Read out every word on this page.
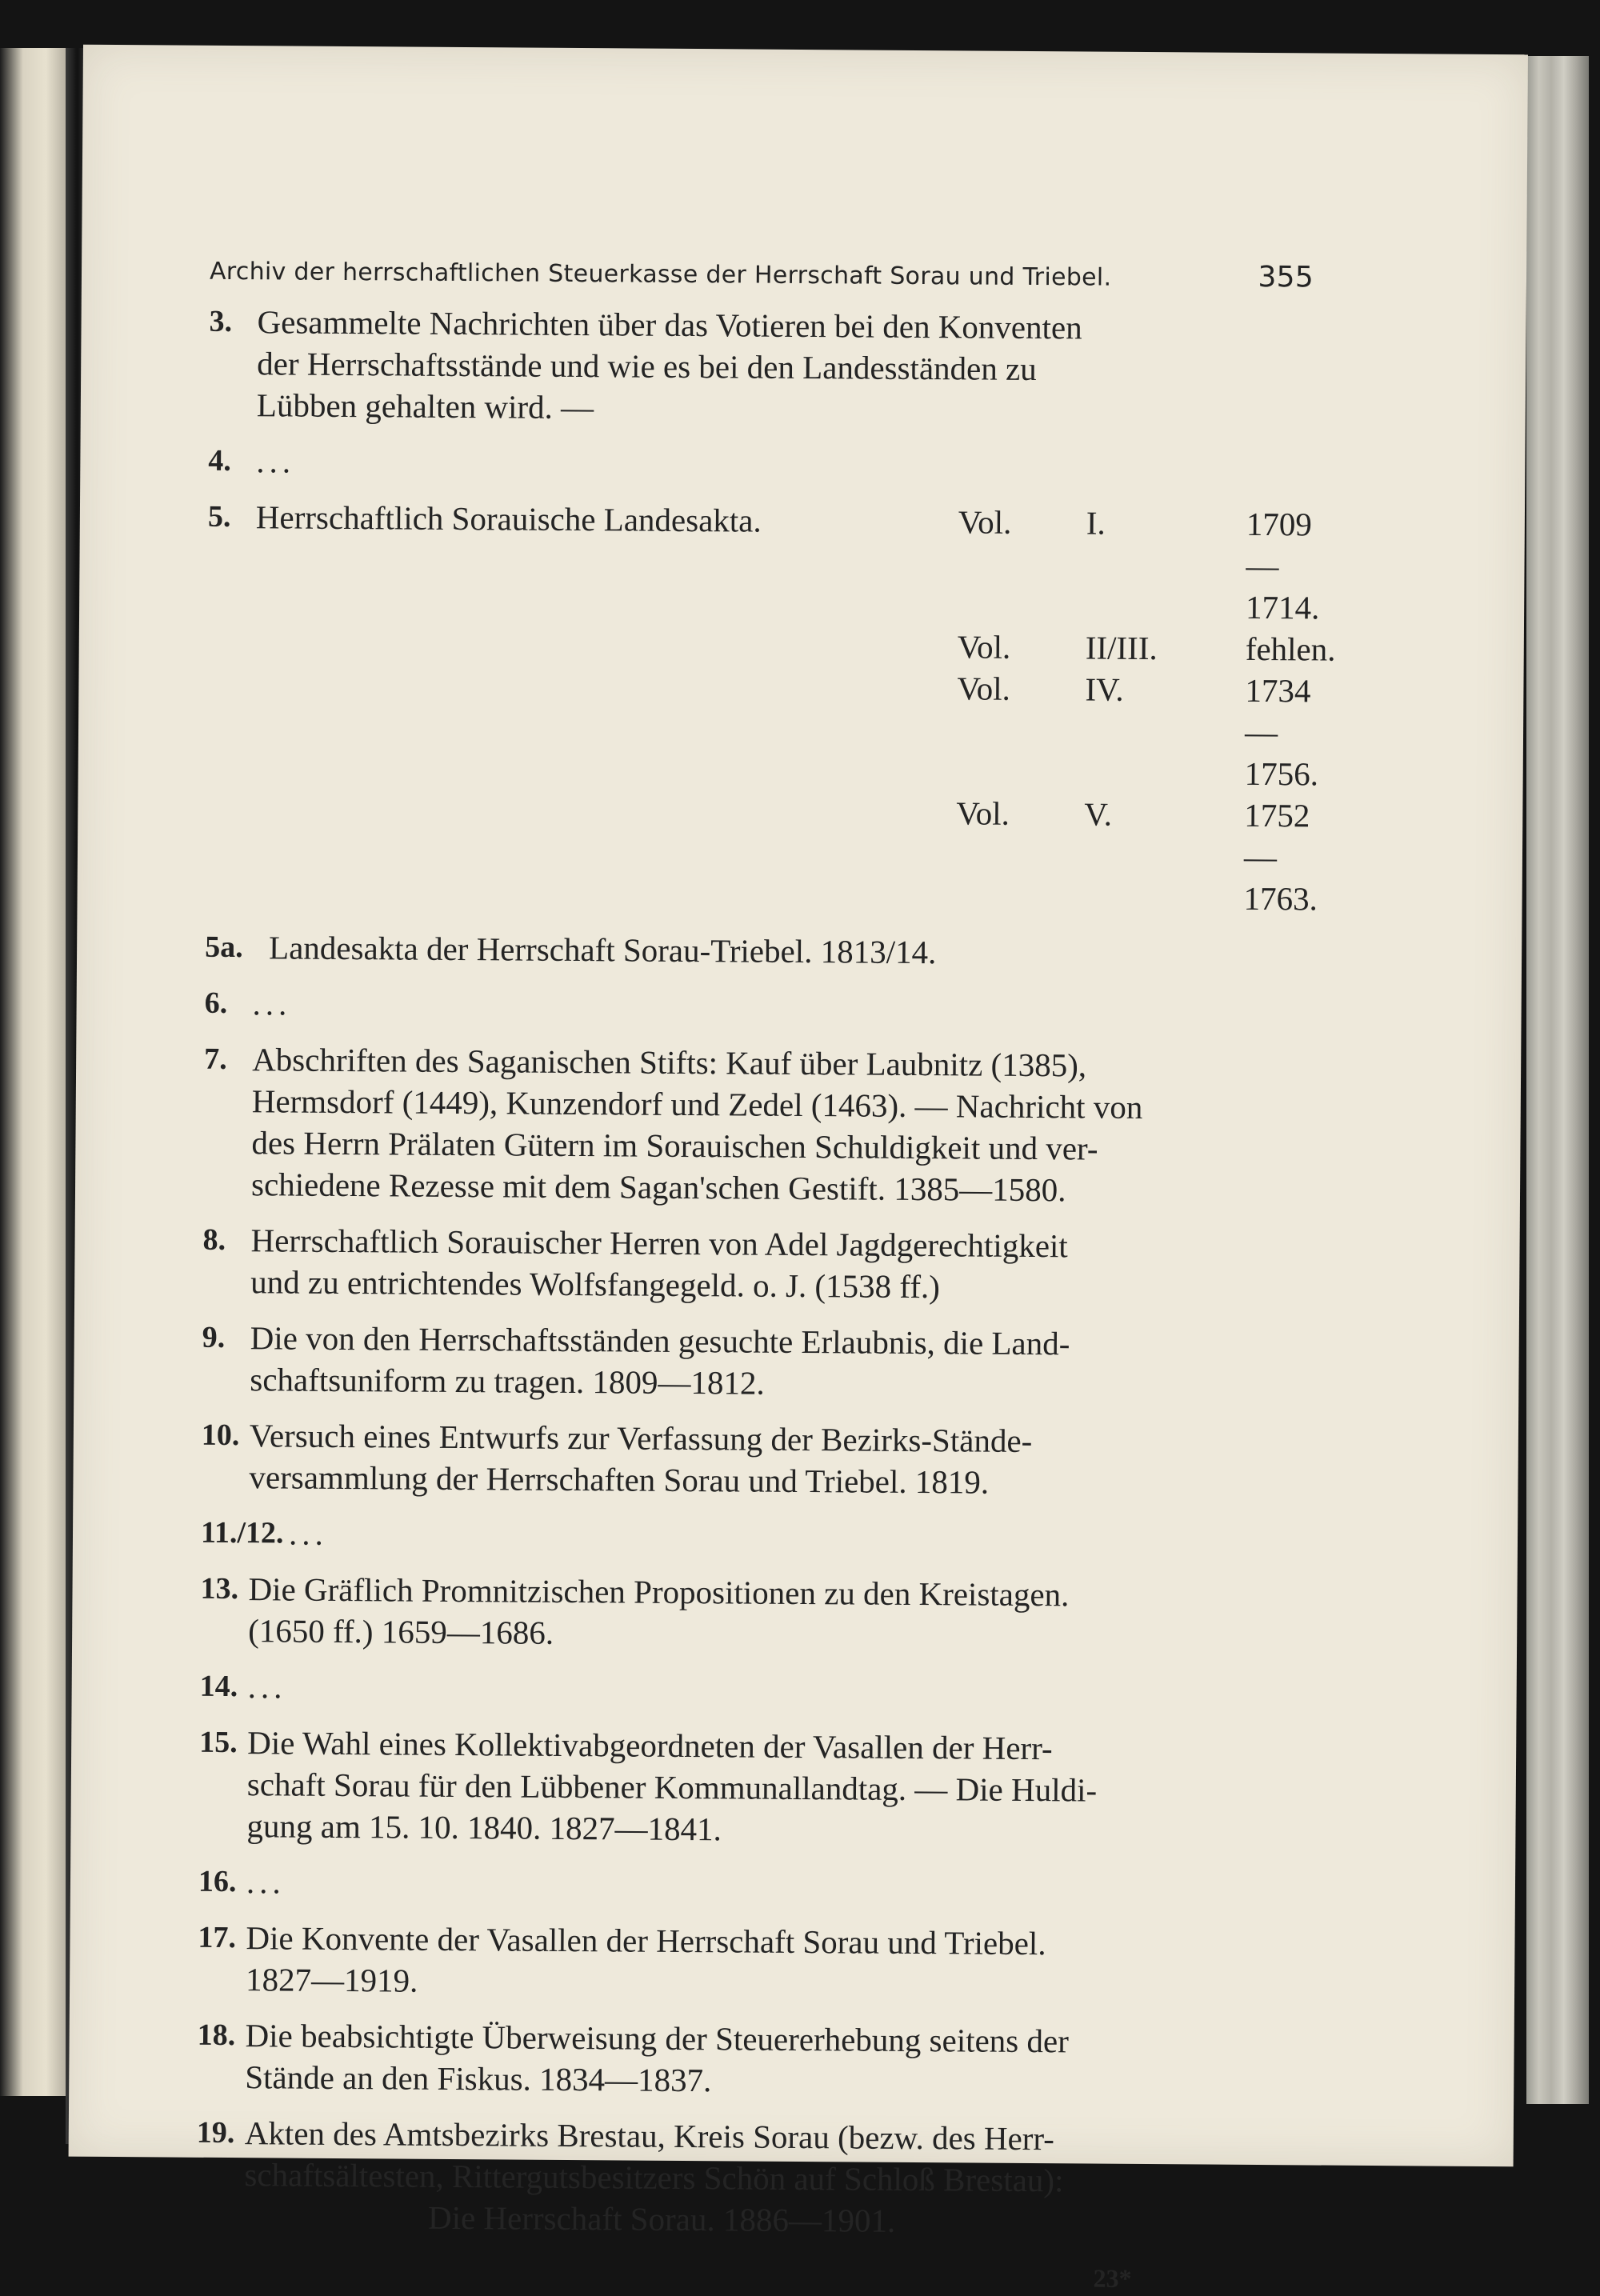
Archiv der herrschaftlichen Steuerkasse der Herrschaft Sorau und Triebel.	355
3. Gesammelte Nachrichten über das Votieren bei den Konventen
der Herrschaftsstände und wie es bei den Landesständen zu
Lübben gehalten wird. —
4. ...
5. Herrschaftlich Sorauische Landesakta.	Vol.	I.	1709—1714.
Vol.	II/III.	fehlen.
Vol.	IV.	1734—1756.
Vol.	V.	1752—1763.
5a. Landesakta der Herrschaft Sorau-Triebel. 1813/14.
6. ...
7. Abschriften des Saganischen Stifts: Kauf über Laubnitz (1385),
Hermsdorf (1449), Kunzendorf und Zedel (1463). — Nachricht von
des Herrn Prälaten Gütern im Sorauischen Schuldigkeit und ver-
schiedene Rezesse mit dem Sagan'schen Gestift. 1385—1580.
8. Herrschaftlich Sorauischer Herren von Adel Jagdgerechtigkeit
und zu entrichtendes Wolfsfangegeld. o. J. (1538 ff.)
9. Die von den Herrschaftsständen gesuchte Erlaubnis, die Land-
schaftsuniform zu tragen. 1809—1812.
10. Versuch eines Entwurfs zur Verfassung der Bezirks-Stände-
versammlung der Herrschaften Sorau und Triebel. 1819.
11./12. ...
13. Die Gräflich Promnitzischen Propositionen zu den Kreistagen.
(1650 ff.) 1659—1686.
14. ...
15. Die Wahl eines Kollektivabgeordneten der Vasallen der Herr-
schaft Sorau für den Lübbener Kommunallandtag. — Die Huldi-
gung am 15. 10. 1840. 1827—1841.
16. ...
17. Die Konvente der Vasallen der Herrschaft Sorau und Triebel.
1827—1919.
18. Die beabsichtigte Überweisung der Steuererhebung seitens der
Stände an den Fiskus. 1834—1837.
19. Akten des Amtsbezirks Brestau, Kreis Sorau (bezw. des Herr-
schaftsältesten, Rittergutsbesitzers Schön auf Schloß Brestau):
Die Herrschaft Sorau. 1886—1901.
23*
